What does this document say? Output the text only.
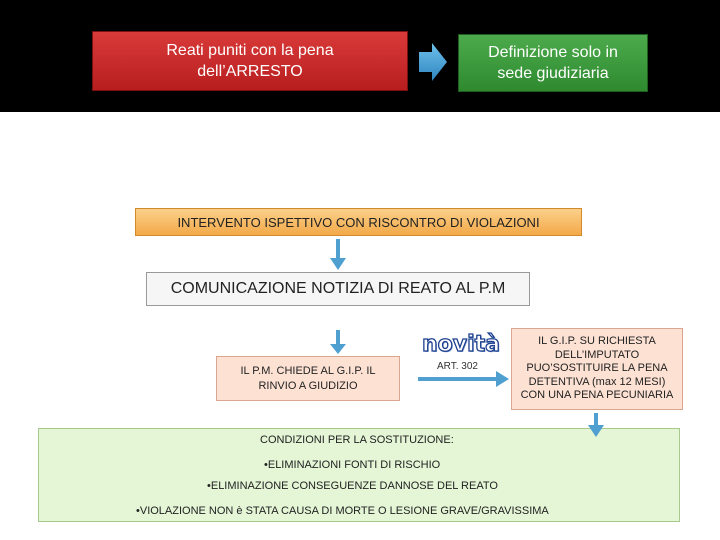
Reati puniti con la pena dell’ARRESTO
Definizione solo in sede giudiziaria
INTERVENTO ISPETTIVO CON RISCONTRO DI VIOLAZIONI
COMUNICAZIONE NOTIZIA DI REATO AL P.M
IL P.M. CHIEDE AL G.I.P. IL RINVIO A GIUDIZIO
novità
ART. 302
IL G.I.P. SU RICHIESTA DELL’IMPUTATO PUO’SOSTITUIRE LA PENA DETENTIVA (max 12 MESI) CON UNA PENA PECUNIARIA
CONDIZIONI PER LA SOSTITUZIONE:
•ELIMINAZIONI FONTI DI RISCHIO
•ELIMINAZIONE CONSEGUENZE DANNOSE DEL REATO
•VIOLAZIONE NON è STATA CAUSA DI MORTE O LESIONE GRAVE/GRAVISSIMA
